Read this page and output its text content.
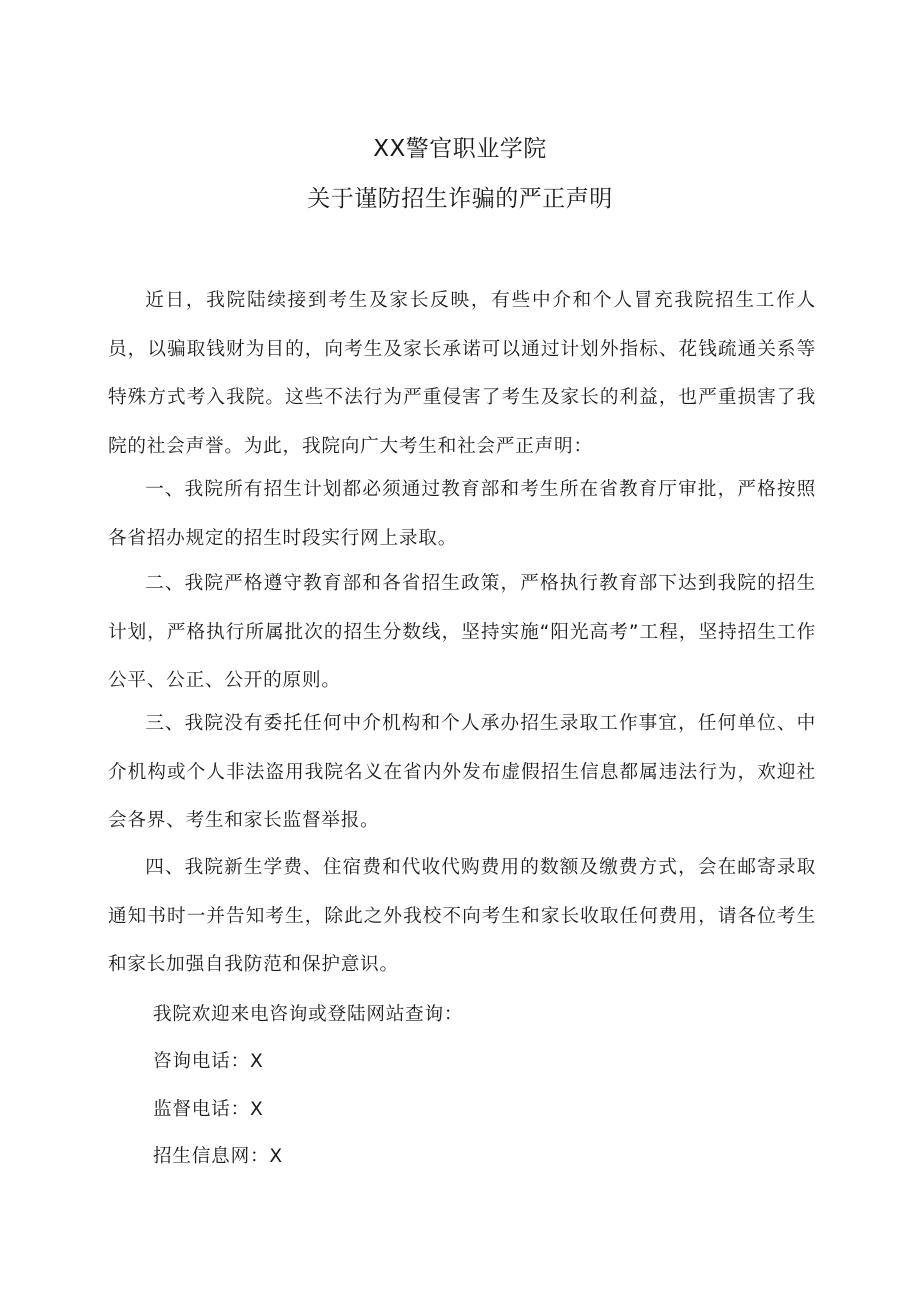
XX警官职业学院
关于谨防招生诈骗的严正声明

近日，我院陆续接到考生及家长反映，有些中介和个人冒充我院招生工作人员，以骗取钱财为目的，向考生及家长承诺可以通过计划外指标、花钱疏通关系等特殊方式考入我院。这些不法行为严重侵害了考生及家长的利益，也严重损害了我院的社会声誉。为此，我院向广大考生和社会严正声明：

一、我院所有招生计划都必须通过教育部和考生所在省教育厅审批，严格按照各省招办规定的招生时段实行网上录取。

二、我院严格遵守教育部和各省招生政策，严格执行教育部下达到我院的招生计划，严格执行所属批次的招生分数线，坚持实施“阳光高考”工程，坚持招生工作公平、公正、公开的原则。

三、我院没有委托任何中介机构和个人承办招生录取工作事宜，任何单位、中介机构或个人非法盗用我院名义在省内外发布虚假招生信息都属违法行为，欢迎社会各界、考生和家长监督举报。

四、我院新生学费、住宿费和代收代购费用的数额及缴费方式，会在邮寄录取通知书时一并告知考生，除此之外我校不向考生和家长收取任何费用，请各位考生和家长加强自我防范和保护意识。

我院欢迎来电咨询或登陆网站查询：
咨询电话：X
监督电话：X
招生信息网：X
